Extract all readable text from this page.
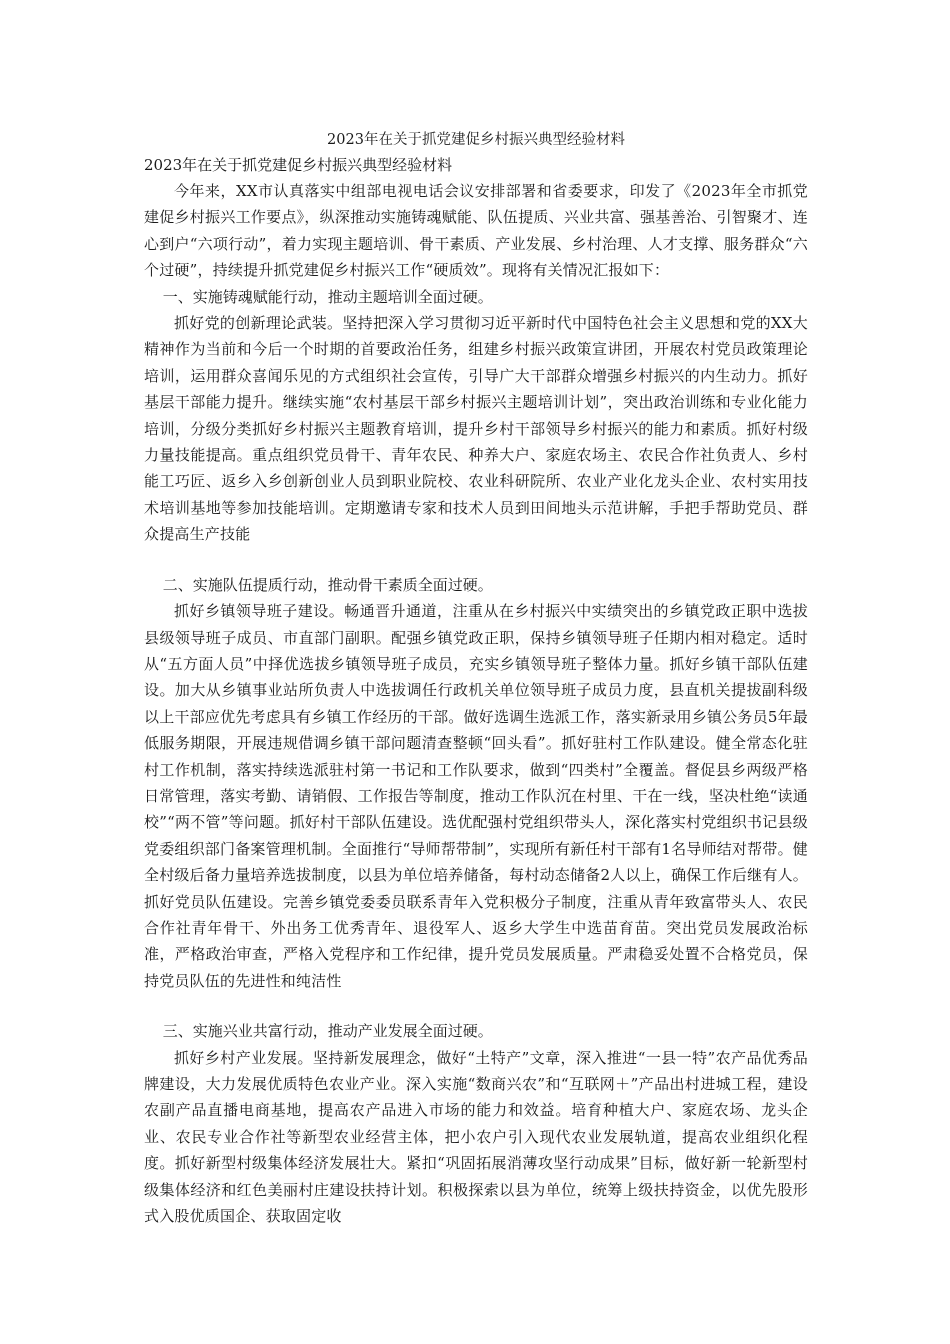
2023年在关于抓党建促乡村振兴典型经验材料

2023年在关于抓党建促乡村振兴典型经验材料

今年来，XX市认真落实中组部电视电话会议安排部署和省委要求，印发了《2023年全市抓党建促乡村振兴工作要点》，纵深推动实施铸魂赋能、队伍提质、兴业共富、强基善治、引智聚才、连心到户“六项行动”，着力实现主题培训、骨干素质、产业发展、乡村治理、人才支撑、服务群众“六个过硬”，持续提升抓党建促乡村振兴工作“硬质效”。现将有关情况汇报如下：

一、实施铸魂赋能行动，推动主题培训全面过硬。

抓好党的创新理论武装。坚持把深入学习贯彻习近平新时代中国特色社会主义思想和党的XX大精神作为当前和今后一个时期的首要政治任务，组建乡村振兴政策宣讲团，开展农村党员政策理论培训，运用群众喜闻乐见的方式组织社会宣传，引导广大干部群众增强乡村振兴的内生动力。抓好基层干部能力提升。继续实施“农村基层干部乡村振兴主题培训计划”，突出政治训练和专业化能力培训，分级分类抓好乡村振兴主题教育培训，提升乡村干部领导乡村振兴的能力和素质。抓好村级力量技能提高。重点组织党员骨干、青年农民、种养大户、家庭农场主、农民合作社负责人、乡村能工巧匠、返乡入乡创新创业人员到职业院校、农业科研院所、农业产业化龙头企业、农村实用技术培训基地等参加技能培训。定期邀请专家和技术人员到田间地头示范讲解，手把手帮助党员、群众提高生产技能

二、实施队伍提质行动，推动骨干素质全面过硬。

抓好乡镇领导班子建设。畅通晋升通道，注重从在乡村振兴中实绩突出的乡镇党政正职中选拔县级领导班子成员、市直部门副职。配强乡镇党政正职，保持乡镇领导班子任期内相对稳定。适时从“五方面人员”中择优选拔乡镇领导班子成员，充实乡镇领导班子整体力量。抓好乡镇干部队伍建设。加大从乡镇事业站所负责人中选拔调任行政机关单位领导班子成员力度，县直机关提拔副科级以上干部应优先考虑具有乡镇工作经历的干部。做好选调生选派工作，落实新录用乡镇公务员5年最低服务期限，开展违规借调乡镇干部问题清查整顿“回头看”。抓好驻村工作队建设。健全常态化驻村工作机制，落实持续选派驻村第一书记和工作队要求，做到“四类村”全覆盖。督促县乡两级严格日常管理，落实考勤、请销假、工作报告等制度，推动工作队沉在村里、干在一线，坚决杜绝“读通校”“两不管”等问题。抓好村干部队伍建设。选优配强村党组织带头人，深化落实村党组织书记县级党委组织部门备案管理机制。全面推行“导师帮带制”，实现所有新任村干部有1名导师结对帮带。健全村级后备力量培养选拔制度，以县为单位培养储备，每村动态储备2人以上，确保工作后继有人。抓好党员队伍建设。完善乡镇党委委员联系青年入党积极分子制度，注重从青年致富带头人、农民合作社青年骨干、外出务工优秀青年、退役军人、返乡大学生中选苗育苗。突出党员发展政治标准，严格政治审查，严格入党程序和工作纪律，提升党员发展质量。严肃稳妥处置不合格党员，保持党员队伍的先进性和纯洁性

三、实施兴业共富行动，推动产业发展全面过硬。

抓好乡村产业发展。坚持新发展理念，做好“土特产”文章，深入推进“一县一特”农产品优秀品牌建设，大力发展优质特色农业产业。深入实施“数商兴农”和“互联网＋”产品出村进城工程，建设农副产品直播电商基地，提高农产品进入市场的能力和效益。培育种植大户、家庭农场、龙头企业、农民专业合作社等新型农业经营主体，把小农户引入现代农业发展轨道，提高农业组织化程度。抓好新型村级集体经济发展壮大。紧扣“巩固拓展消薄攻坚行动成果”目标，做好新一轮新型村级集体经济和红色美丽村庄建设扶持计划。积极探索以县为单位，统筹上级扶持资金，以优先股形式入股优质国企、获取固定收
